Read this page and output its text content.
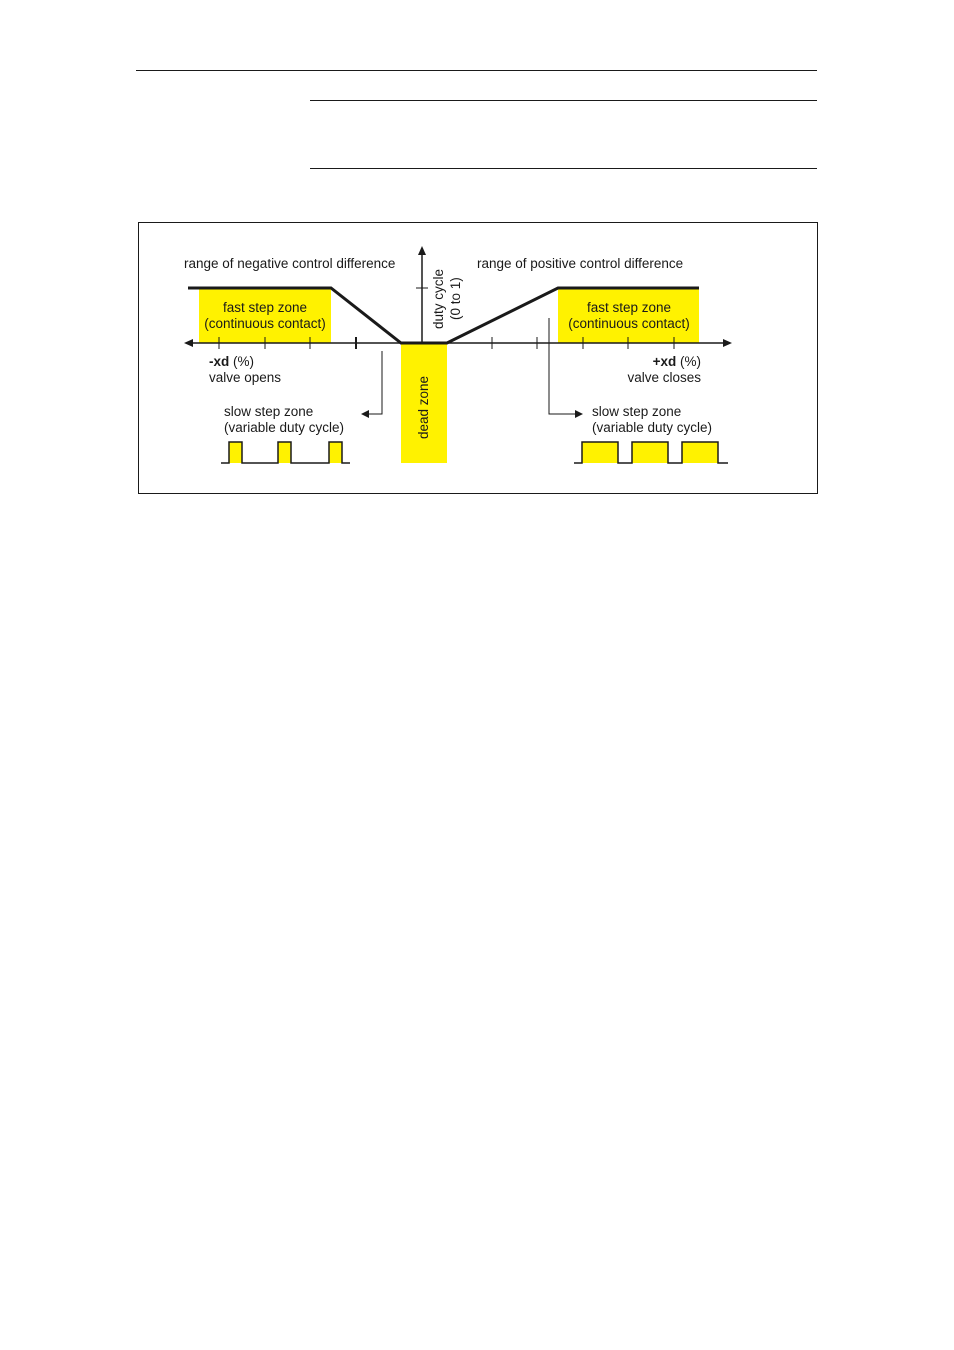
range of negative control difference	range of positive control difference
duty cycle (0 to 1)
fast step zone
(continuous contact)
fast step zone
(continuous contact)
-xd (%)
valve opens
+xd (%)
valve closes
dead zone
slow step zone
(variable duty cycle)
slow step zone
(variable duty cycle)
